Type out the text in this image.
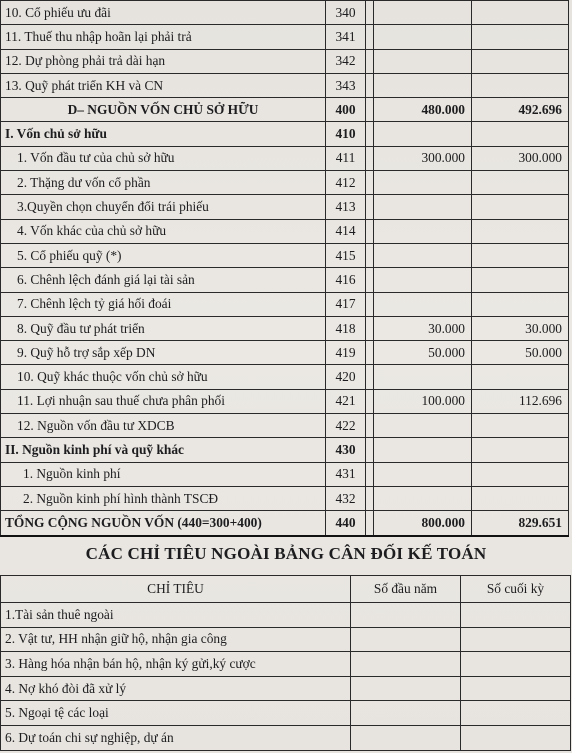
10. Cổ phiếu ưu đãi	340			
11. Thuế thu nhập hoãn lại phải trả	341			
12. Dự phòng phải trả dài hạn	342			
13. Quỹ phát triển KH và CN	343			
D– NGUỒN VỐN CHỦ SỞ HỮU	400		480.000	492.696
I. Vốn chủ sở hữu	410			
1. Vốn đầu tư của chủ sở hữu	411		300.000	300.000
2. Thặng dư vốn cổ phần	412			
3.Quyền chọn chuyển đổi trái phiếu	413			
4. Vốn khác của chủ sở hữu	414			
5. Cổ phiếu quỹ (*)	415			
6. Chênh lệch đánh giá lại tài sản	416			
7. Chênh lệch tỷ giá hối đoái	417			
8. Quỹ đầu tư phát triển	418		30.000	30.000
9. Quỹ hỗ trợ sắp xếp DN	419		50.000	50.000
10. Quỹ khác thuộc vốn chủ sở hữu	420			
11. Lợi nhuận sau thuế chưa phân phối	421		100.000	112.696
12. Nguồn vốn đầu tư XDCB	422			
II. Nguồn kinh phí và quỹ khác	430			
1. Nguồn kinh phí	431			
2. Nguồn kinh phí hình thành TSCĐ	432			
TỔNG CỘNG NGUỒN VỐN (440=300+400)	440		800.000	829.651
CÁC CHỈ TIÊU NGOÀI BẢNG CÂN ĐỐI KẾ TOÁN
CHỈ TIÊU	Số đầu năm	Số cuối kỳ
1.Tài sản thuê ngoài		
2. Vật tư, HH nhận giữ hộ, nhận gia công		
3. Hàng hóa nhận bán hộ, nhận ký gửi,ký cược		
4. Nợ khó đòi đã xử lý		
5. Ngoại tệ các loại		
6. Dự toán chi sự nghiệp, dự án		
